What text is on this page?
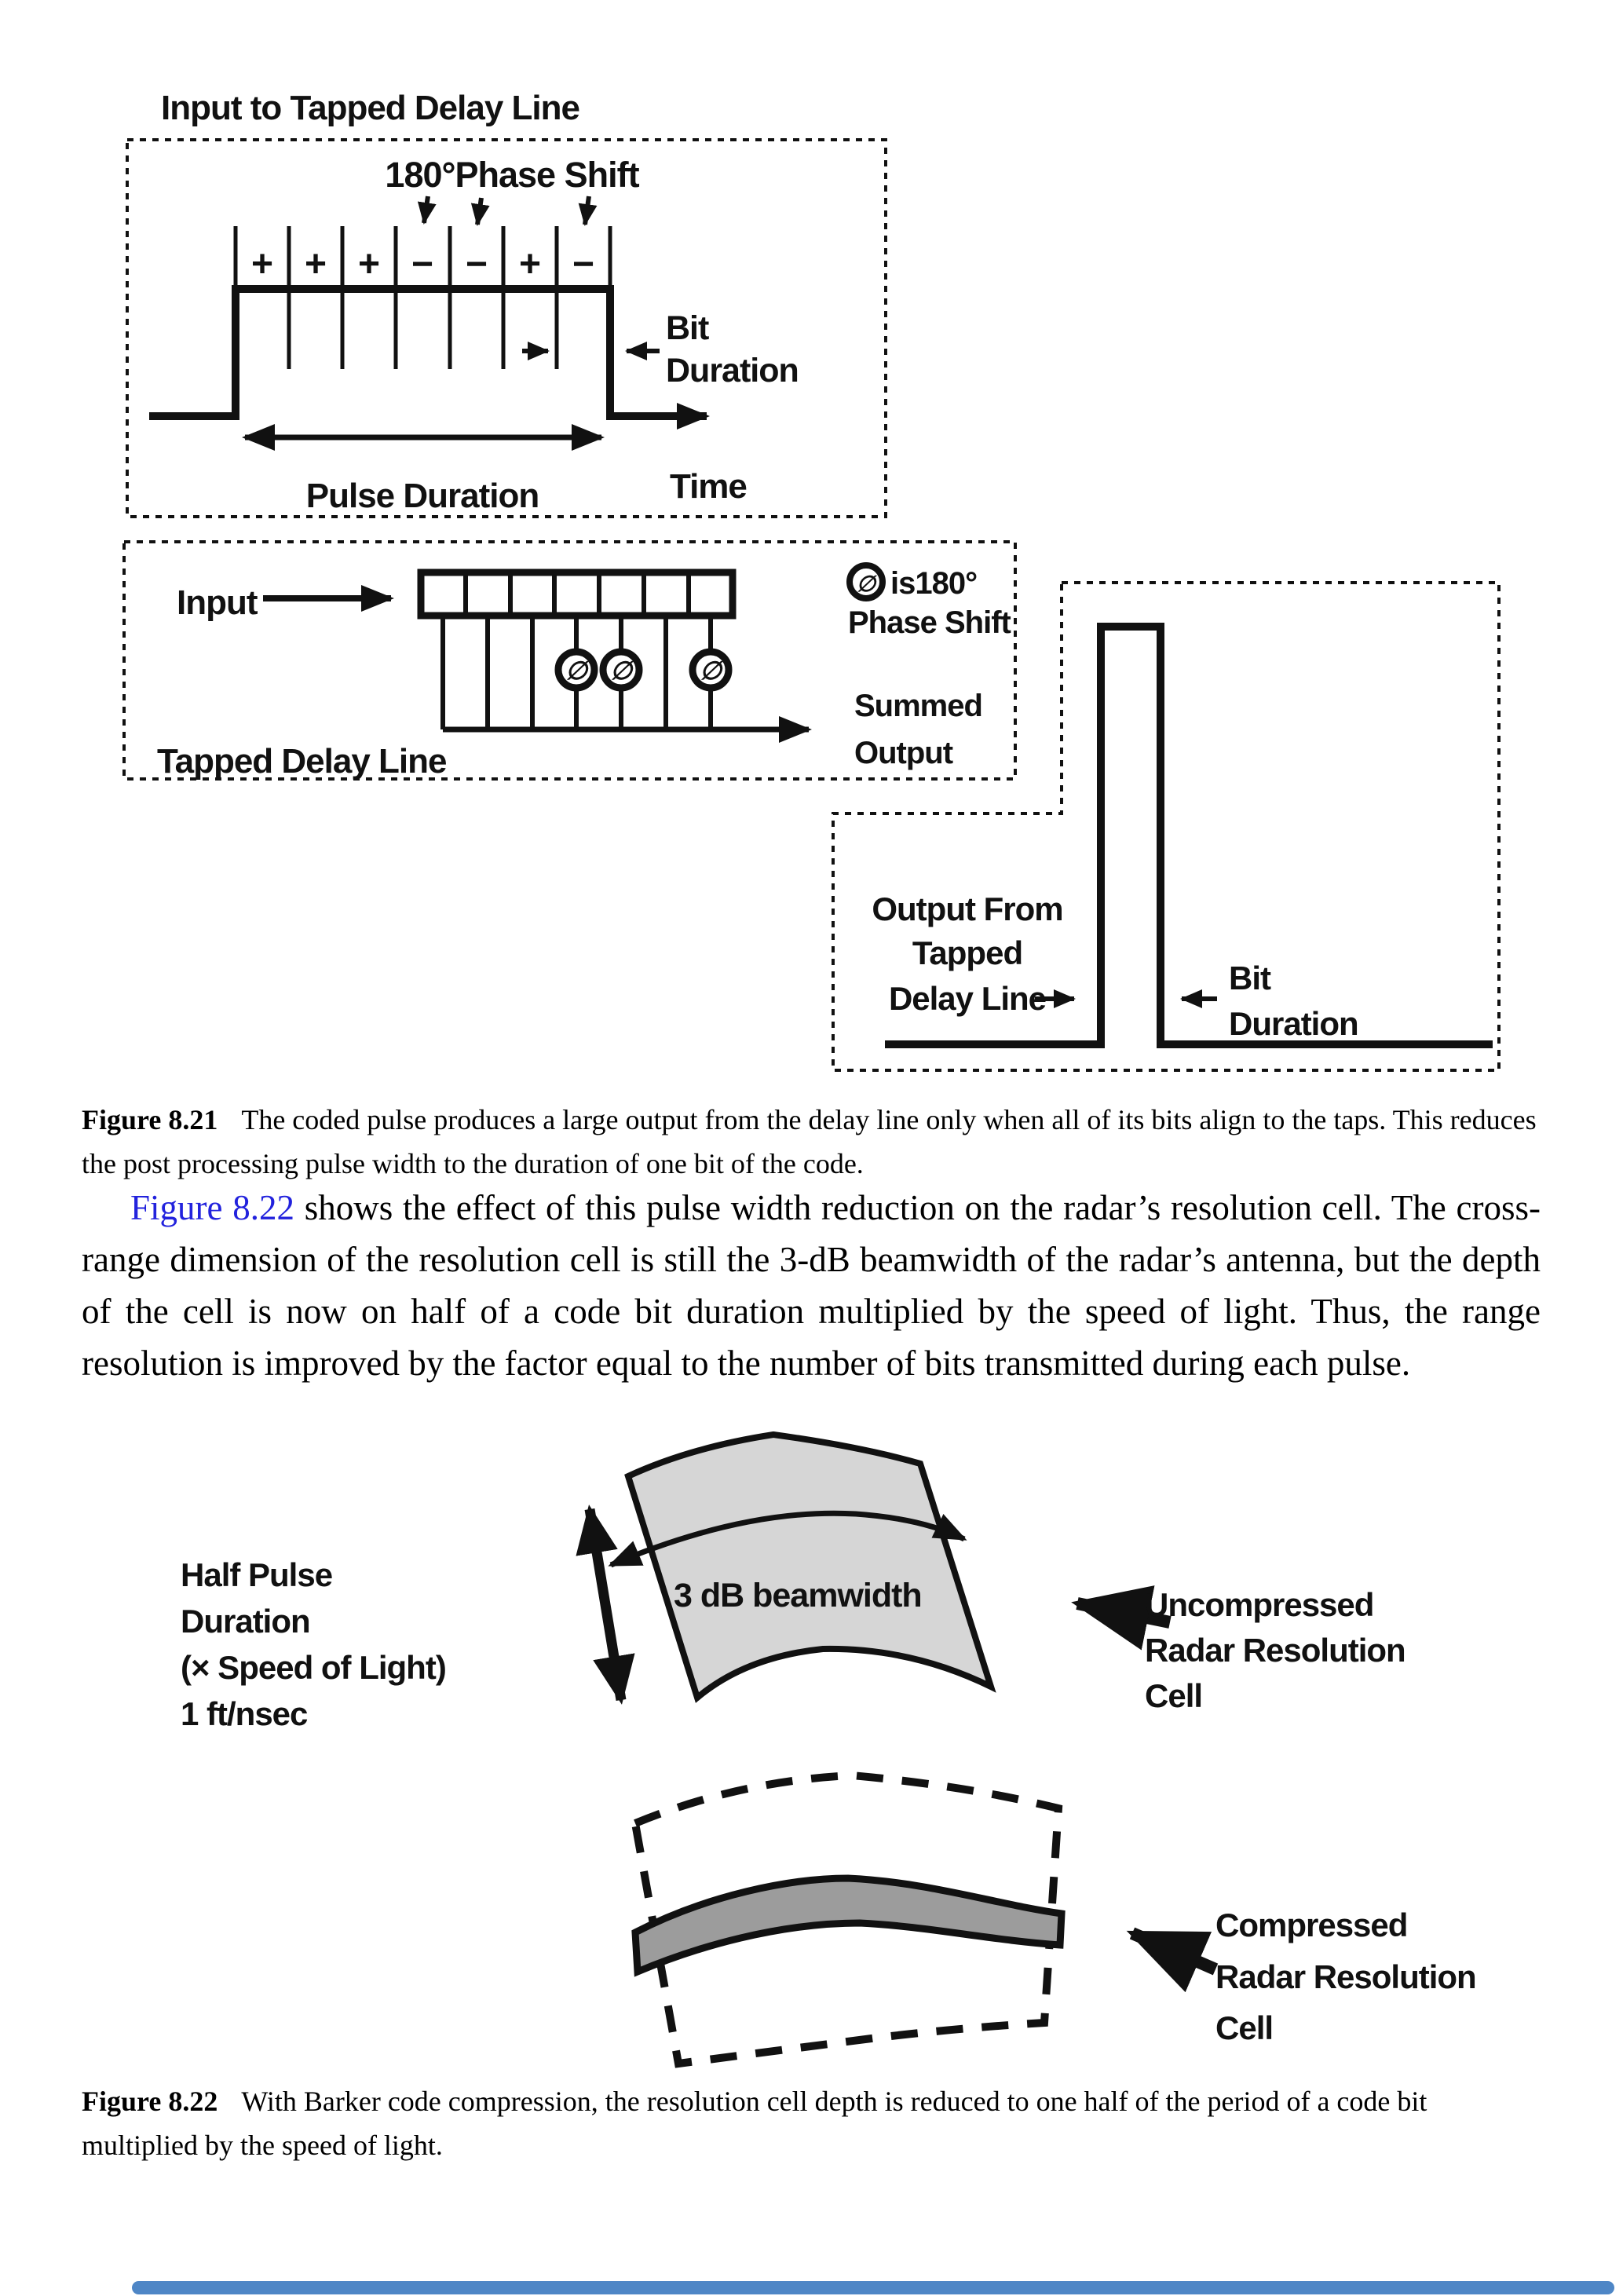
Input to Tapped Delay Line
180°Phase Shift
+ + + − − + −
Bit
Duration
Pulse Duration	Time
Input
∅ ∅	∅
∅ is180°
Phase Shift
Summed
Output
Tapped Delay Line
Output From
Tapped
Delay Line
Bit
Duration
3 dB beamwidth
Half Pulse
Duration
(× Speed of Light)
1 ft/nsec
Uncompressed
Radar Resolution
Cell
Compressed
Radar Resolution
Cell
Figure 8.21 The coded pulse produces a large output from the delay line only when all of its bits align to the taps. This reduces the post processing pulse width to the duration of one bit of the code.

Figure 8.22 shows the effect of this pulse width reduction on the radar’s resolution cell. The cross-range dimension of the resolution cell is still the 3-dB beamwidth of the radar’s antenna, but the depth of the cell is now on half of a code bit duration multiplied by the speed of light. Thus, the range resolution is improved by the factor equal to the number of bits transmitted during each pulse.

Figure 8.22 With Barker code compression, the resolution cell depth is reduced to one half of the period of a code bit multiplied by the speed of light.
